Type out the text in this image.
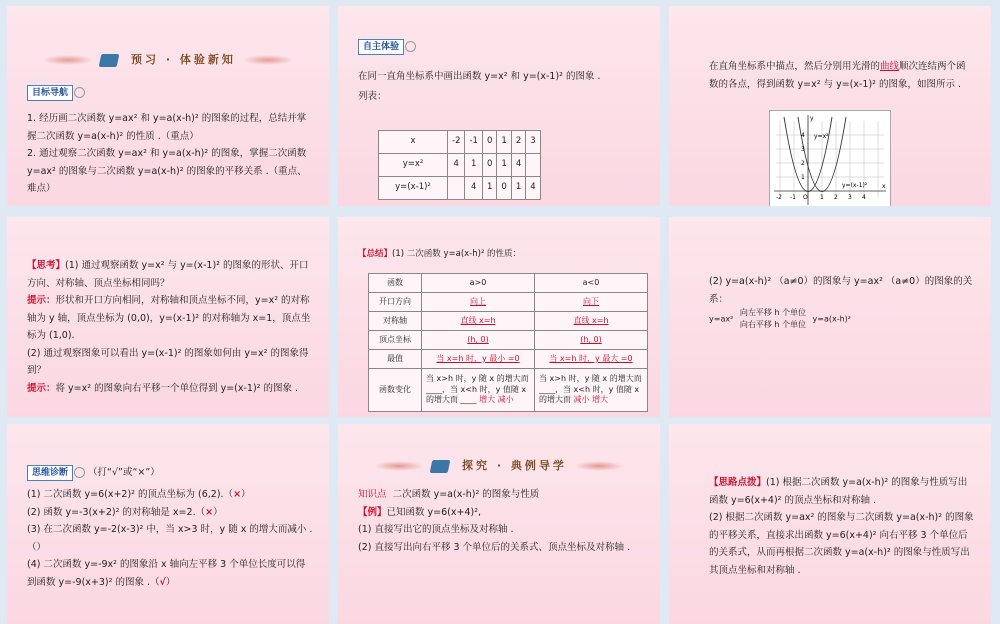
预习 · 体验新知
目标导航
1. 经历画二次函数 y=ax² 和 y=a(x-h)² 的图象的过程，总结并掌握二次函数 y=a(x-h)² 的性质 .（重点）
2. 通过观察二次函数 y=ax² 和 y=a(x-h)² 的图象，掌握二次函数 y=ax² 的图象与二次函数 y=a(x-h)² 的图象的平移关系 .（重点、难点）
自主体验
在同一直角坐标系中画出函数 y=x² 和 y=(x-1)² 的图象 .
列表：
x	-2	-1	0	1	2	3
y=x²	4	1	0	1	4	
y=(x-1)²		4	1	0	1	4
在直角坐标系中描点，然后分别用光滑的曲线顺次连结两个函数的各点，得到函数 y=x² 与 y=(x-1)² 的图象，如图所示 .
y=x²
y=(x-1)² x
y
4
3
2
1
-2 -1 O 1 2 3 4
【思考】(1) 通过观察函数 y=x² 与 y=(x-1)² 的图象的形状、开口方向、对称轴、顶点坐标相同吗？
提示：形状和开口方向相同，对称轴和顶点坐标不同，y=x² 的对称轴为 y 轴，顶点坐标为 (0,0)，y=(x-1)² 的对称轴为 x=1，顶点坐标为 (1,0).
(2) 通过观察图象可以看出 y=(x-1)² 的图象如何由 y=x² 的图象得到？
提示：将 y=x² 的图象向右平移一个单位得到 y=(x-1)² 的图象 .
【总结】(1) 二次函数 y=a(x-h)² 的性质：
函数	a>0	a<0
开口方向	向上	向下
对称轴	直线 x=h	直线 x=h
顶点坐标	(h, 0)	(h, 0)
最值	当 x=h 时，y 最小 =0	当 x=h 时，y 最大 =0
函数变化	当 x>h 时，y 随 x 的增大而 ____，当 x<h 时，y 值随 x 的增大而 ____ 增大 减小	当 x>h 时，y 随 x 的增大而 ____，当 x<h 时，y 值随 x 的增大而 减小 增大
(2) y=a(x-h)² （a≠0）的图象与 y=ax² （a≠0）的图象的关系：
y=ax² 向左平移 h 个单位
向右平移 h 个单位 y=a(x-h)²
思维诊断 （打“√”或“×”）
(1) 二次函数 y=6(x+2)² 的顶点坐标为 (6,2).（×）
(2) 函数 y=-3(x+2)² 的对称轴是 x=2.（×）
(3) 在二次函数 y=-2(x-3)² 中，当 x>3 时，y 随 x 的增大而减小 .（）
(4) 二次函数 y=-9x² 的图象沿 x 轴向左平移 3 个单位长度可以得到函数 y=-9(x+3)² 的图象 .（√）
探究 · 典例导学
知识点 二次函数 y=a(x-h)² 的图象与性质
【例】已知函数 y=6(x+4)²,
(1) 直接写出它的顶点坐标及对称轴 .
(2) 直接写出向右平移 3 个单位后的关系式、顶点坐标及对称轴 .
【思路点拨】(1) 根据二次函数 y=a(x-h)² 的图象与性质写出函数 y=6(x+4)² 的顶点坐标和对称轴 .
(2) 根据二次函数 y=ax² 的图象与二次函数 y=a(x-h)² 的图象的平移关系，直接求出函数 y=6(x+4)² 向右平移 3 个单位后的关系式，从而再根据二次函数 y=a(x-h)² 的图象与性质写出其顶点坐标和对称轴 .
